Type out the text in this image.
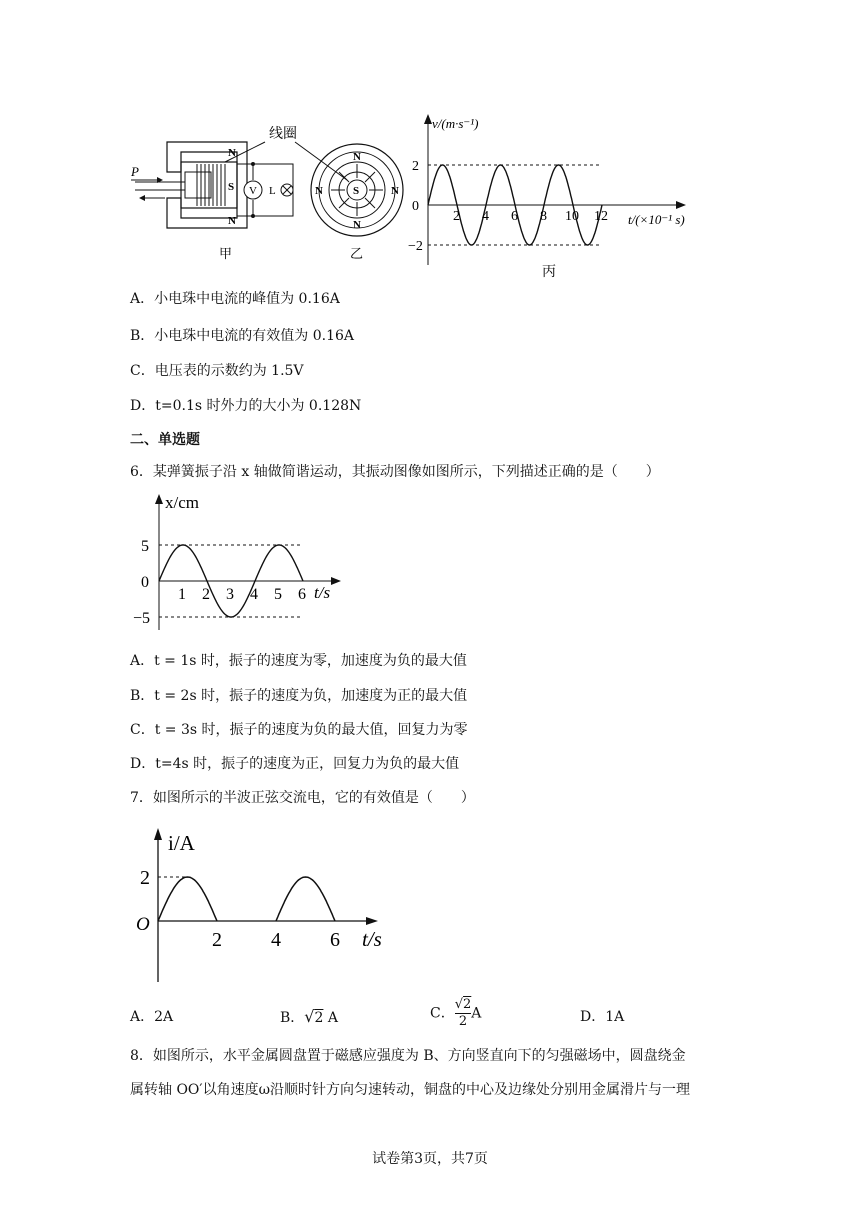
线圈
P
N
S
N
V L
甲
S
N
N
N	N
乙
v/(m·s⁻¹)
t/(×10⁻¹ s)
丙
2
0
−2
2 4 6 8 10 12
A．小电珠中电流的峰值为 0.16A
B．小电珠中电流的有效值为 0.16A
C．电压表的示数约为 1.5V
D．t=0.1s 时外力的大小为 0.128N
二、单选题
6．某弹簧振子沿 x 轴做简谐运动，其振动图像如图所示，下列描述正确的是（　　）
x/cm
t/s
5
0
−5
1 2 3 4 5 6
A．t = 1s 时，振子的速度为零，加速度为负的最大值
B．t = 2s 时，振子的速度为负，加速度为正的最大值
C．t = 3s 时，振子的速度为负的最大值，回复力为零
D．t=4s 时，振子的速度为正，回复力为负的最大值
7．如图所示的半波正弦交流电，它的有效值是（　　）
i/A
t/s
O
2
2 4 6
A．2A	B．√2 A	C． $\frac{√2}{2}$ A	D．1A
8．如图所示，水平金属圆盘置于磁感应强度为 B、方向竖直向下的匀强磁场中，圆盘绕金
属转轴 OO′以角速度ω沿顺时针方向匀速转动，铜盘的中心及边缘处分别用金属滑片与一理
试卷第3页，共7页
